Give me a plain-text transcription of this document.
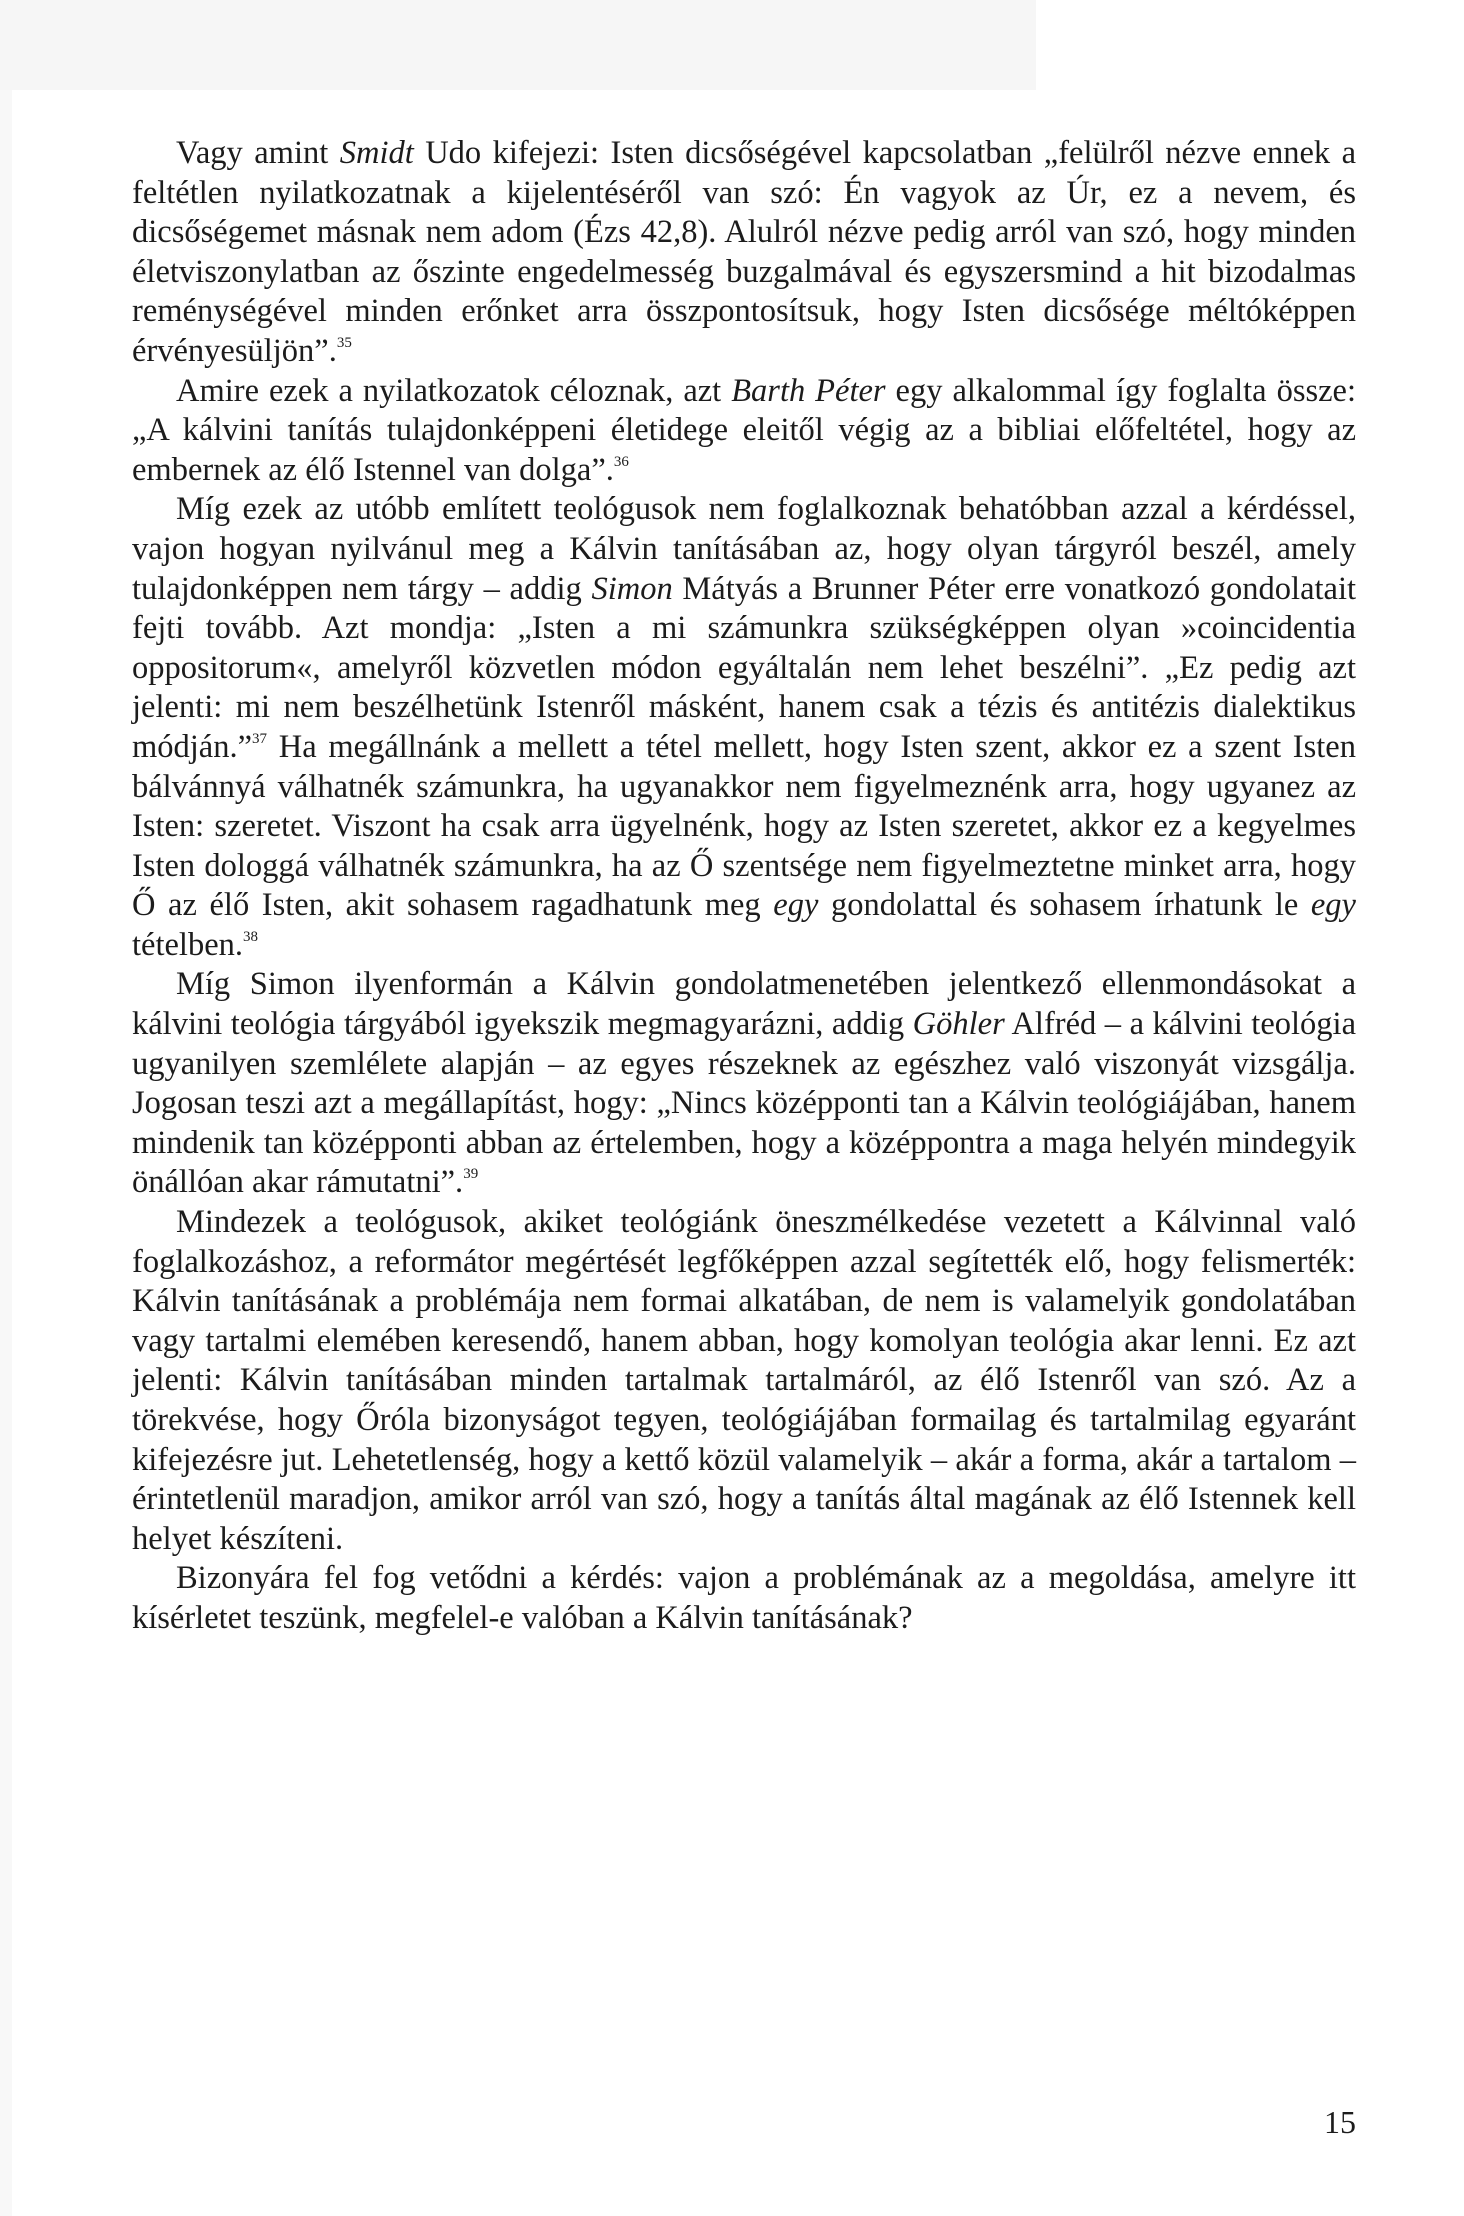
Vagy amint Smidt Udo kifejezi: Isten dicsőségével kapcsolatban „felülről nézve ennek a feltétlen nyilatkozatnak a kijelentéséről van szó: Én vagyok az Úr, ez a nevem, és dicsőségemet másnak nem adom (Ézs 42,8). Alulról nézve pedig arról van szó, hogy minden életviszonylatban az őszinte engedelmesség buzgalmával és egyszersmind a hit bizodalmas reménységével minden erőnket arra összpontosítsuk, hogy Isten dicsősége méltóképpen érvényesüljön”.$^{35}$

Amire ezek a nyilatkozatok céloznak, azt Barth Péter egy alkalommal így foglalta össze: „A kálvini tanítás tulajdonképpeni életidege eleitől végig az a bibliai előfeltétel, hogy az embernek az élő Istennel van dolga”.$^{36}$

Míg ezek az utóbb említett teológusok nem foglalkoznak behatóbban azzal a kérdéssel, vajon hogyan nyilvánul meg a Kálvin tanításában az, hogy olyan tárgyról beszél, amely tulajdonképpen nem tárgy – addig Simon Mátyás a Brunner Péter erre vonatkozó gondolatait fejti tovább. Azt mondja: „Isten a mi számunkra szükségképpen olyan »coincidentia oppositorum«, amelyről közvetlen módon egyáltalán nem lehet beszélni”. „Ez pedig azt jelenti: mi nem beszélhetünk Istenről másként, hanem csak a tézis és antitézis dialektikus módján.”$^{37}$ Ha megállnánk a mellett a tétel mellett, hogy Isten szent, akkor ez a szent Isten bálvánnyá válhatnék számunkra, ha ugyanakkor nem figyelmeznénk arra, hogy ugyanez az Isten: szeretet. Viszont ha csak arra ügyelnénk, hogy az Isten szeretet, akkor ez a kegyelmes Isten dologgá válhatnék számunkra, ha az Ő szentsége nem figyelmeztetne minket arra, hogy Ő az élő Isten, akit sohasem ragadhatunk meg egy gondolattal és sohasem írhatunk le egy tételben.$^{38}$

Míg Simon ilyenformán a Kálvin gondolatmenetében jelentkező ellenmondásokat a kálvini teológia tárgyából igyekszik megmagyarázni, addig Göhler Alfréd – a kálvini teológia ugyanilyen szemlélete alapján – az egyes részeknek az egészhez való viszonyát vizsgálja. Jogosan teszi azt a megállapítást, hogy: „Nincs középponti tan a Kálvin teológiájában, hanem mindenik tan középponti abban az értelemben, hogy a középpontra a maga helyén mindegyik önállóan akar rámutatni”.$^{39}$

Mindezek a teológusok, akiket teológiánk öneszmélkedése vezetett a Kálvinnal való foglalkozáshoz, a reformátor megértését legfőképpen azzal segítették elő, hogy felismerték: Kálvin tanításának a problémája nem formai alkatában, de nem is valamelyik gondolatában vagy tartalmi elemében keresendő, hanem abban, hogy komolyan teológia akar lenni. Ez azt jelenti: Kálvin tanításában minden tartalmak tartalmáról, az élő Istenről van szó. Az a törekvése, hogy Őróla bizonyságot tegyen, teológiájában formailag és tartalmilag egyaránt kifejezésre jut. Lehetetlenség, hogy a kettő közül valamelyik – akár a forma, akár a tartalom – érintetlenül maradjon, amikor arról van szó, hogy a tanítás által magának az élő Istennek kell helyet készíteni.

Bizonyára fel fog vetődni a kérdés: vajon a problémának az a megoldása, amelyre itt kísérletet teszünk, megfelel-e valóban a Kálvin tanításának?

15
